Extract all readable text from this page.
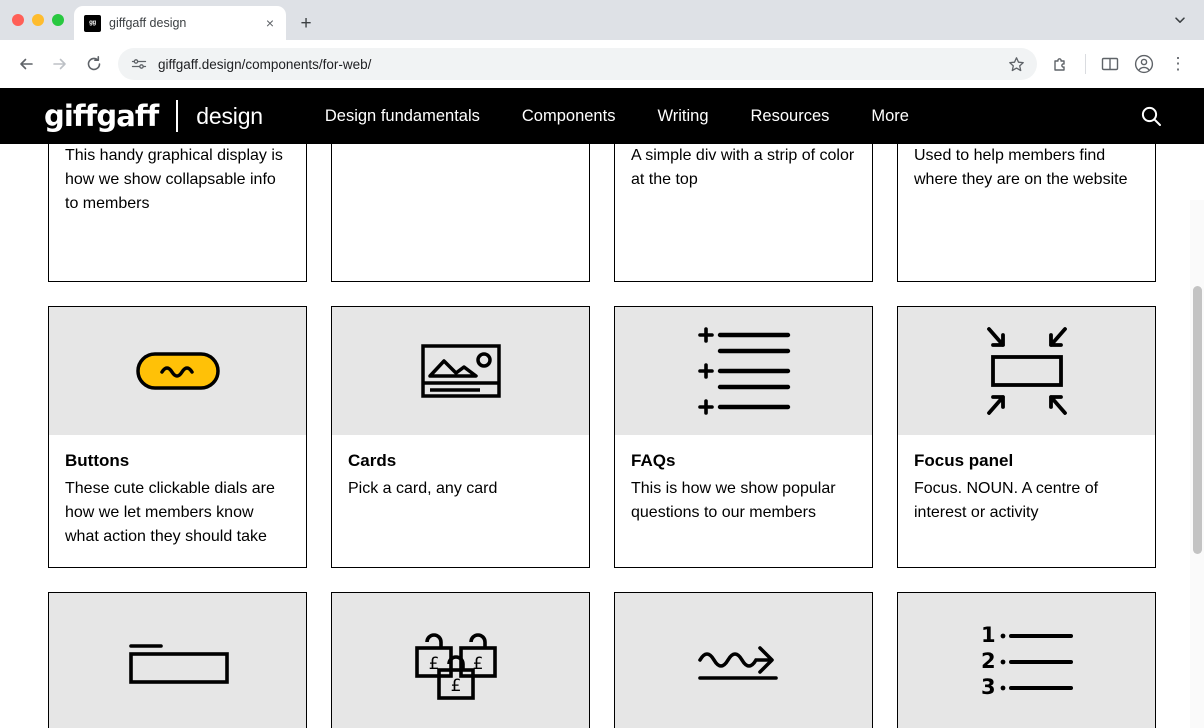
gg giffgaff design	×	+
giffgaff.design/components/for-web/	⋮
giffgaff design	Design fundamentals	Components	Writing	Resources	More
This handy graphical display is how we show collapsable info to members
A simple div with a strip of color at the top
Used to help members find where they are on the website
Buttons
These cute clickable dials are how we let members know what action they should take
Cards
Pick a card, any card
FAQs
This is how we show popular questions to our members
Focus panel
Focus. NOUN. A centre of interest or activity
£ £
£
1
2
3
